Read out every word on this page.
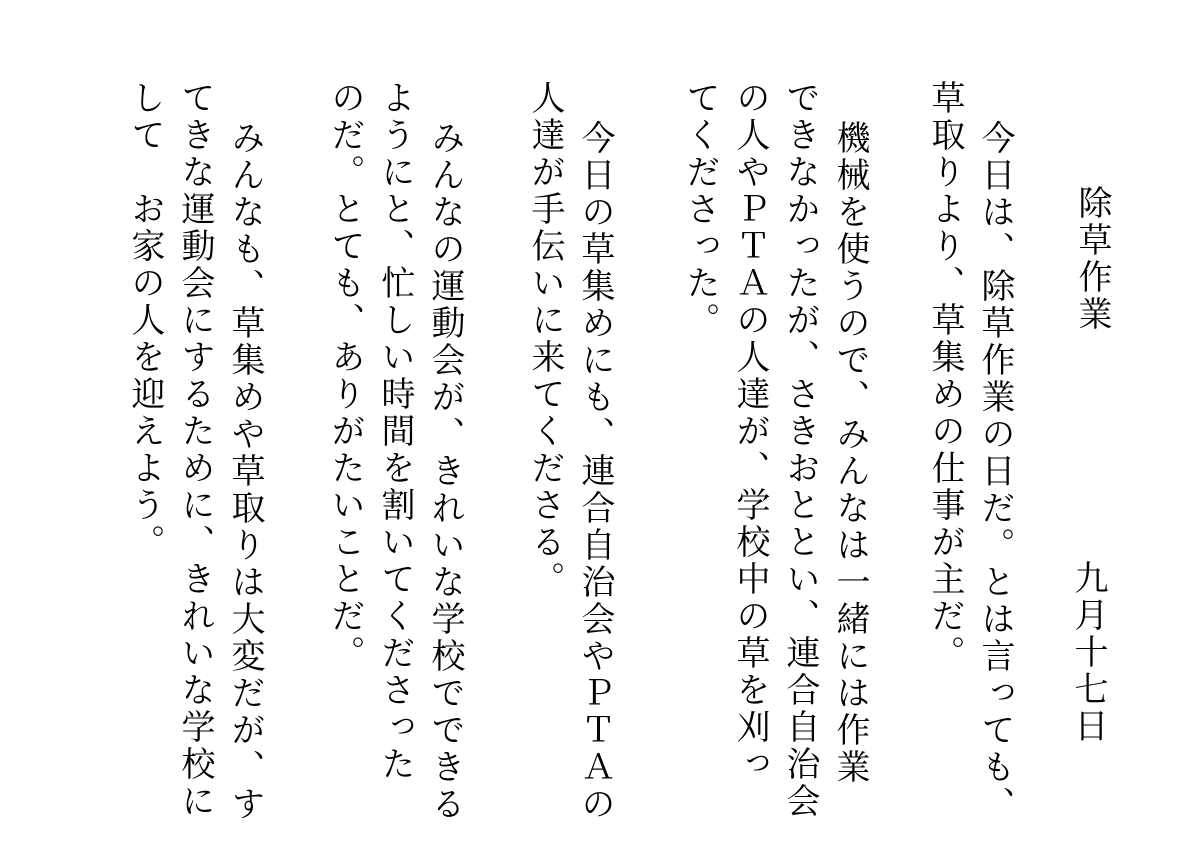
九月十七日
除草作業
今日は、除草作業の日だ。とは言っても、
草取りより、草集めの仕事が主だ。
機械を使うので、みんなは一緒には作業
できなかったが、さきおととい、連合自治会
の人やＰＴＡの人達が、学校中の草を刈っ
てくださった。
今日の草集めにも、連合自治会やＰＴＡの
人達が手伝いに来てくださる。
みんなの運動会が、きれいな学校でできる
ようにと、忙しい時間を割いてくださった
のだ。とても、ありがたいことだ。
みんなも、草集めや草取りは大変だが、す
てきな運動会にするために、きれいな学校に
して　お家の人を迎えよう。
